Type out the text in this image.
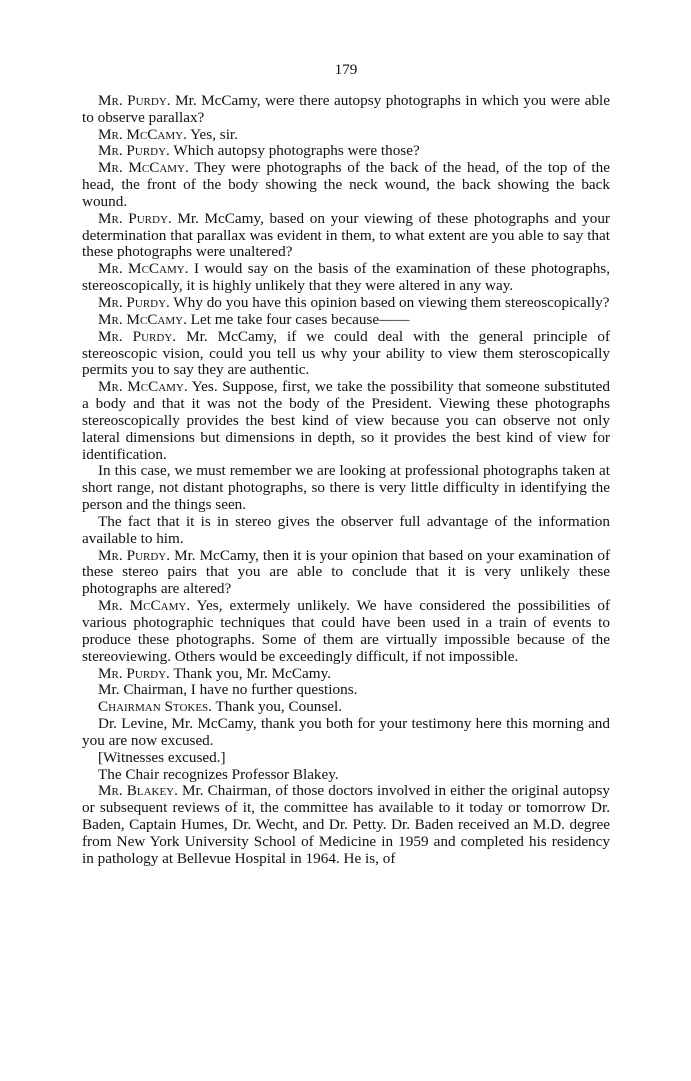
179

Mr. Purdy. Mr. McCamy, were there autopsy photographs in which you were able to observe parallax?

Mr. McCamy. Yes, sir.

Mr. Purdy. Which autopsy photographs were those?

Mr. McCamy. They were photographs of the back of the head, of the top of the head, the front of the body showing the neck wound, the back showing the back wound.

Mr. Purdy. Mr. McCamy, based on your viewing of these photographs and your determination that parallax was evident in them, to what extent are you able to say that these photographs were unaltered?

Mr. McCamy. I would say on the basis of the examination of these photographs, stereoscopically, it is highly unlikely that they were altered in any way.

Mr. Purdy. Why do you have this opinion based on viewing them stereoscopically?

Mr. McCamy. Let me take four cases because——

Mr. Purdy. Mr. McCamy, if we could deal with the general principle of stereoscopic vision, could you tell us why your ability to view them steroscopically permits you to say they are authentic.

Mr. McCamy. Yes. Suppose, first, we take the possibility that someone substituted a body and that it was not the body of the President. Viewing these photographs stereoscopically provides the best kind of view because you can observe not only lateral dimensions but dimensions in depth, so it provides the best kind of view for identification.

In this case, we must remember we are looking at professional photographs taken at short range, not distant photographs, so there is very little difficulty in identifying the person and the things seen.

The fact that it is in stereo gives the observer full advantage of the information available to him.

Mr. Purdy. Mr. McCamy, then it is your opinion that based on your examination of these stereo pairs that you are able to conclude that it is very unlikely these photographs are altered?

Mr. McCamy. Yes, extermely unlikely. We have considered the possibilities of various photographic techniques that could have been used in a train of events to produce these photographs. Some of them are virtually impossible because of the stereoviewing. Others would be exceedingly difficult, if not impossible.

Mr. Purdy. Thank you, Mr. McCamy.

Mr. Chairman, I have no further questions.

Chairman Stokes. Thank you, Counsel.

Dr. Levine, Mr. McCamy, thank you both for your testimony here this morning and you are now excused.

[Witnesses excused.]

The Chair recognizes Professor Blakey.

Mr. Blakey. Mr. Chairman, of those doctors involved in either the original autopsy or subsequent reviews of it, the committee has available to it today or tomorrow Dr. Baden, Captain Humes, Dr. Wecht, and Dr. Petty. Dr. Baden received an M.D. degree from New York University School of Medicine in 1959 and completed his residency in pathology at Bellevue Hospital in 1964. He is, of
